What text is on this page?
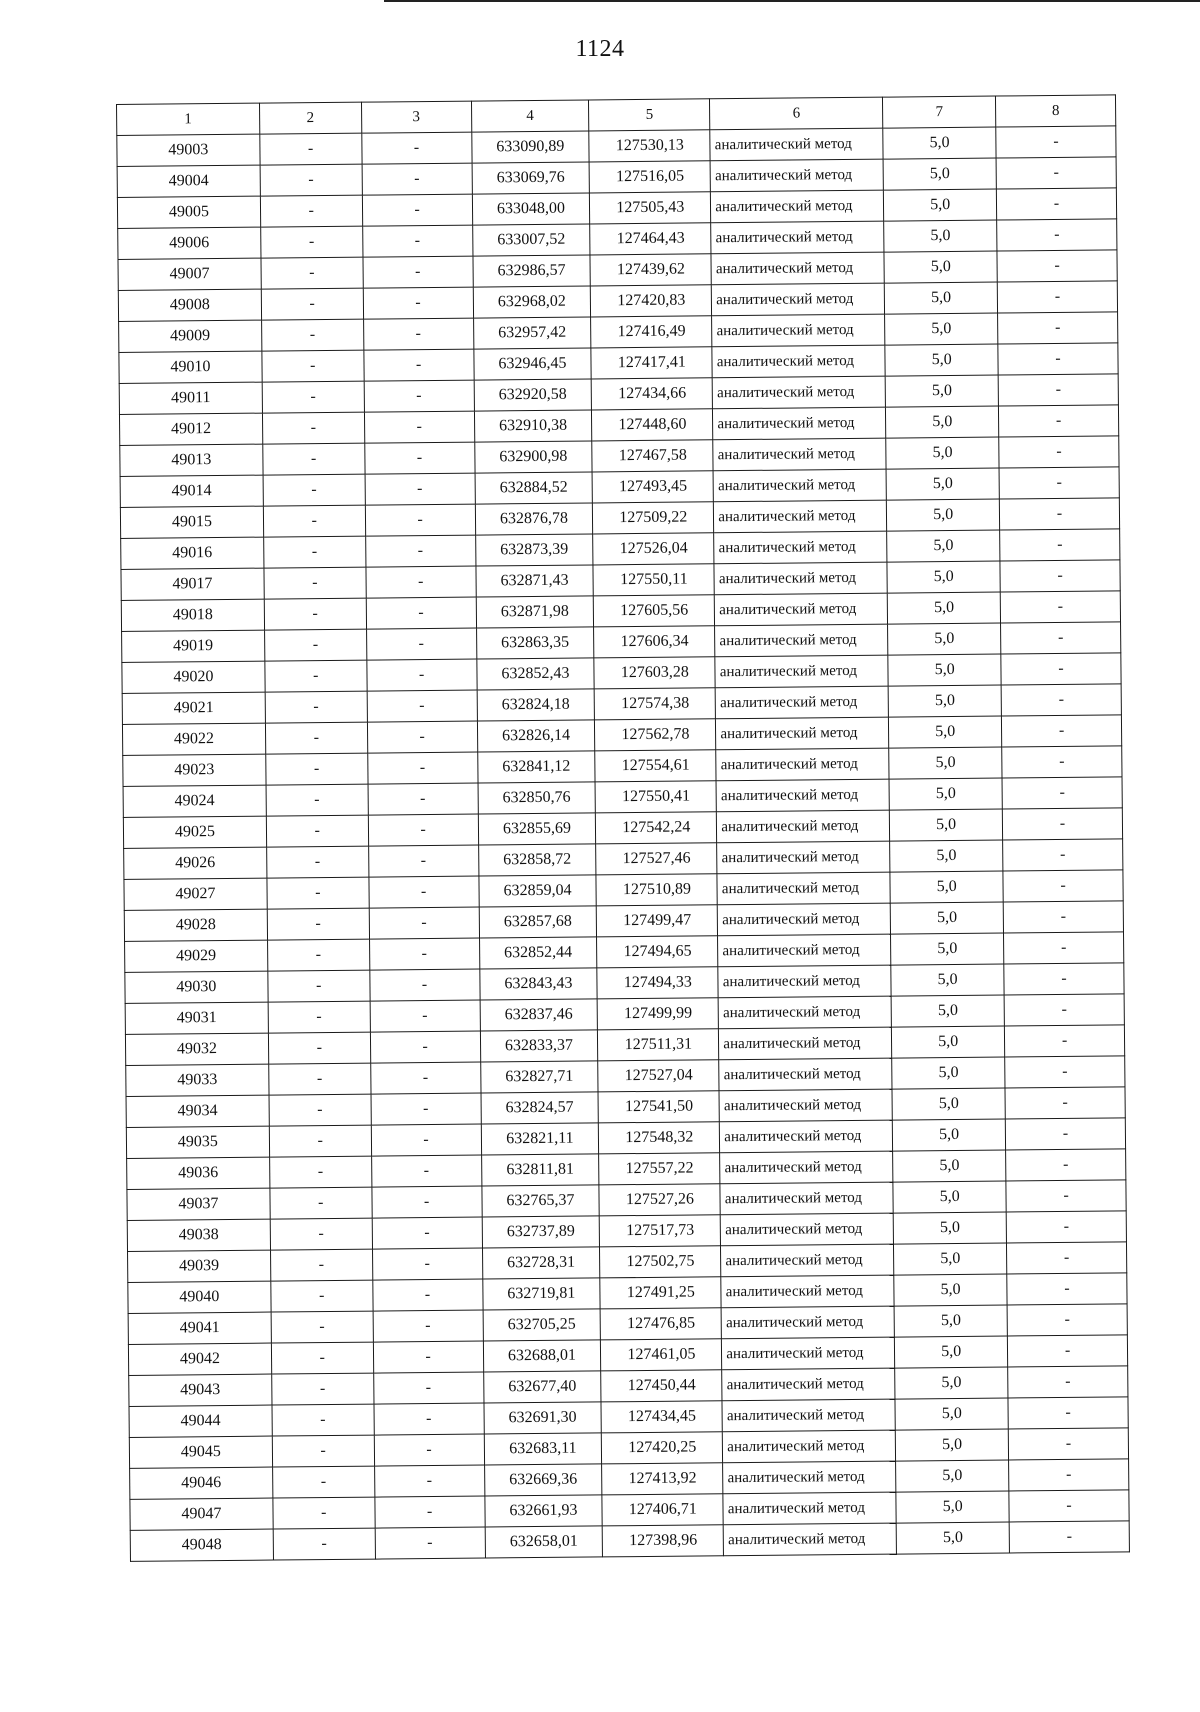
1124
1	2	3	4	5	6	7	8
49003	-	-	633090,89	127530,13	аналитический метод	5,0	-
49004	-	-	633069,76	127516,05	аналитический метод	5,0	-
49005	-	-	633048,00	127505,43	аналитический метод	5,0	-
49006	-	-	633007,52	127464,43	аналитический метод	5,0	-
49007	-	-	632986,57	127439,62	аналитический метод	5,0	-
49008	-	-	632968,02	127420,83	аналитический метод	5,0	-
49009	-	-	632957,42	127416,49	аналитический метод	5,0	-
49010	-	-	632946,45	127417,41	аналитический метод	5,0	-
49011	-	-	632920,58	127434,66	аналитический метод	5,0	-
49012	-	-	632910,38	127448,60	аналитический метод	5,0	-
49013	-	-	632900,98	127467,58	аналитический метод	5,0	-
49014	-	-	632884,52	127493,45	аналитический метод	5,0	-
49015	-	-	632876,78	127509,22	аналитический метод	5,0	-
49016	-	-	632873,39	127526,04	аналитический метод	5,0	-
49017	-	-	632871,43	127550,11	аналитический метод	5,0	-
49018	-	-	632871,98	127605,56	аналитический метод	5,0	-
49019	-	-	632863,35	127606,34	аналитический метод	5,0	-
49020	-	-	632852,43	127603,28	аналитический метод	5,0	-
49021	-	-	632824,18	127574,38	аналитический метод	5,0	-
49022	-	-	632826,14	127562,78	аналитический метод	5,0	-
49023	-	-	632841,12	127554,61	аналитический метод	5,0	-
49024	-	-	632850,76	127550,41	аналитический метод	5,0	-
49025	-	-	632855,69	127542,24	аналитический метод	5,0	-
49026	-	-	632858,72	127527,46	аналитический метод	5,0	-
49027	-	-	632859,04	127510,89	аналитический метод	5,0	-
49028	-	-	632857,68	127499,47	аналитический метод	5,0	-
49029	-	-	632852,44	127494,65	аналитический метод	5,0	-
49030	-	-	632843,43	127494,33	аналитический метод	5,0	-
49031	-	-	632837,46	127499,99	аналитический метод	5,0	-
49032	-	-	632833,37	127511,31	аналитический метод	5,0	-
49033	-	-	632827,71	127527,04	аналитический метод	5,0	-
49034	-	-	632824,57	127541,50	аналитический метод	5,0	-
49035	-	-	632821,11	127548,32	аналитический метод	5,0	-
49036	-	-	632811,81	127557,22	аналитический метод	5,0	-
49037	-	-	632765,37	127527,26	аналитический метод	5,0	-
49038	-	-	632737,89	127517,73	аналитический метод	5,0	-
49039	-	-	632728,31	127502,75	аналитический метод	5,0	-
49040	-	-	632719,81	127491,25	аналитический метод	5,0	-
49041	-	-	632705,25	127476,85	аналитический метод	5,0	-
49042	-	-	632688,01	127461,05	аналитический метод	5,0	-
49043	-	-	632677,40	127450,44	аналитический метод	5,0	-
49044	-	-	632691,30	127434,45	аналитический метод	5,0	-
49045	-	-	632683,11	127420,25	аналитический метод	5,0	-
49046	-	-	632669,36	127413,92	аналитический метод	5,0	-
49047	-	-	632661,93	127406,71	аналитический метод	5,0	-
49048	-	-	632658,01	127398,96	аналитический метод	5,0	-
